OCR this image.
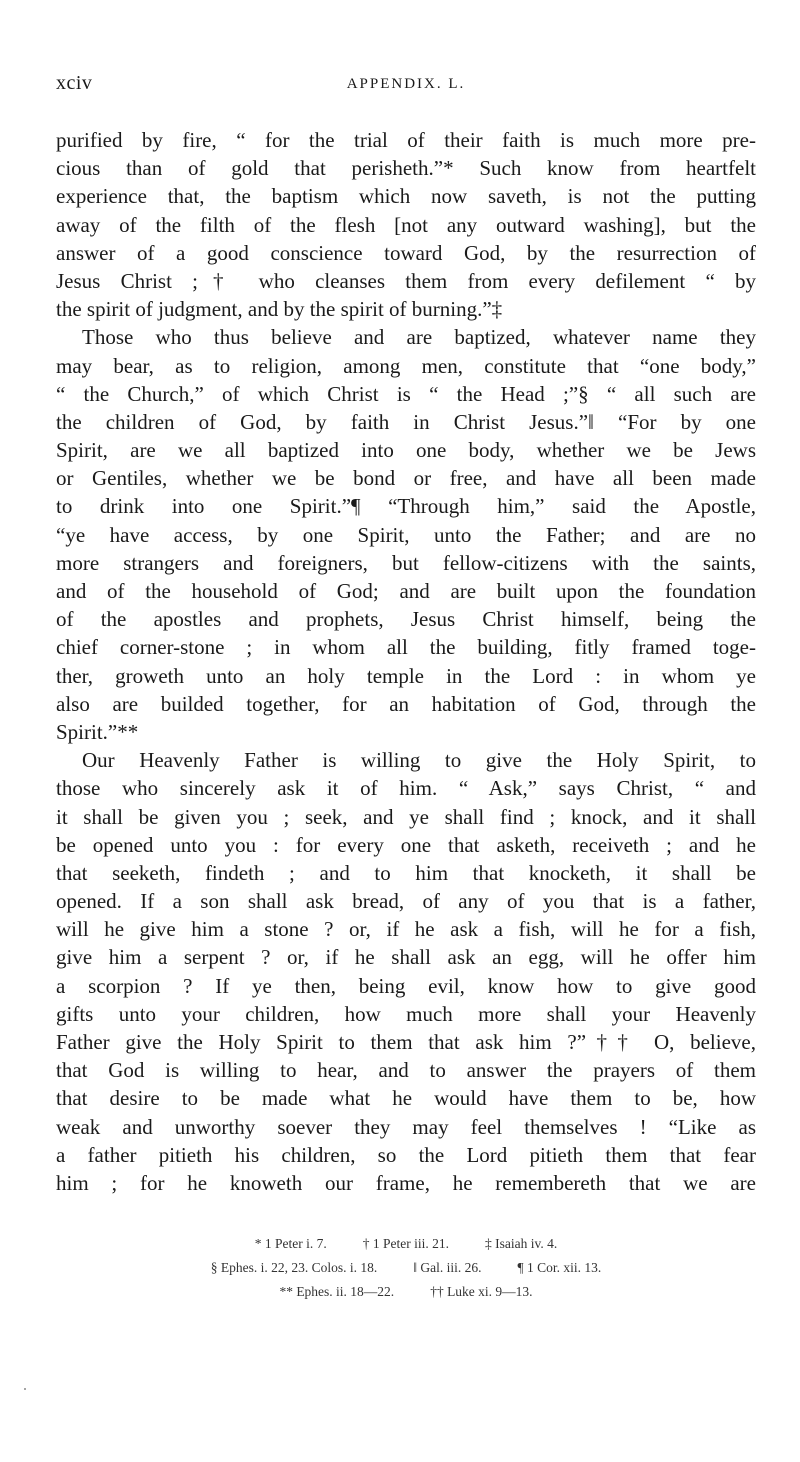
xciv	APPENDIX. L.
purified by fire, “ for the trial of their faith is much more pre-
cious than of gold that perisheth.”* Such know from heartfelt
experience that, the baptism which now saveth, is not the putting
away of the filth of the flesh [not any outward washing], but the
answer of a good conscience toward God, by the resurrection of
Jesus Christ ;† who cleanses them from every defilement “ by
the spirit of judgment, and by the spirit of burning.”‡
Those who thus believe and are baptized, whatever name they
may bear, as to religion, among men, constitute that “one body,”
“ the Church,” of which Christ is “ the Head ;”§ “ all such are
the children of God, by faith in Christ Jesus.”‖ “For by one
Spirit, are we all baptized into one body, whether we be Jews
or Gentiles, whether we be bond or free, and have all been made
to drink into one Spirit.”¶ “Through him,” said the Apostle,
“ye have access, by one Spirit, unto the Father; and are no
more strangers and foreigners, but fellow-citizens with the saints,
and of the household of God; and are built upon the foundation
of the apostles and prophets, Jesus Christ himself, being the
chief corner-stone ; in whom all the building, fitly framed toge-
ther, groweth unto an holy temple in the Lord : in whom ye
also are builded together, for an habitation of God, through the
Spirit.”**
Our Heavenly Father is willing to give the Holy Spirit, to
those who sincerely ask it of him. “ Ask,” says Christ, “ and
it shall be given you ; seek, and ye shall find ; knock, and it shall
be opened unto you : for every one that asketh, receiveth ; and he
that seeketh, findeth ; and to him that knocketh, it shall be
opened. If a son shall ask bread, of any of you that is a father,
will he give him a stone ? or, if he ask a fish, will he for a fish,
give him a serpent ? or, if he shall ask an egg, will he offer him
a scorpion ? If ye then, being evil, know how to give good
gifts unto your children, how much more shall your Heavenly
Father give the Holy Spirit to them that ask him ?”†† O, believe,
that God is willing to hear, and to answer the prayers of them
that desire to be made what he would have them to be, how
weak and unworthy soever they may feel themselves ! “Like as
a father pitieth his children, so the Lord pitieth them that fear
him ; for he knoweth our frame, he remembereth that we are
* 1 Peter i. 7.	† 1 Peter iii. 21.	‡ Isaiah iv. 4.
§ Ephes. i. 22, 23. Colos. i. 18.	‖ Gal. iii. 26.	¶ 1 Cor. xii. 13.
** Ephes. ii. 18—22.	†† Luke xi. 9—13.
